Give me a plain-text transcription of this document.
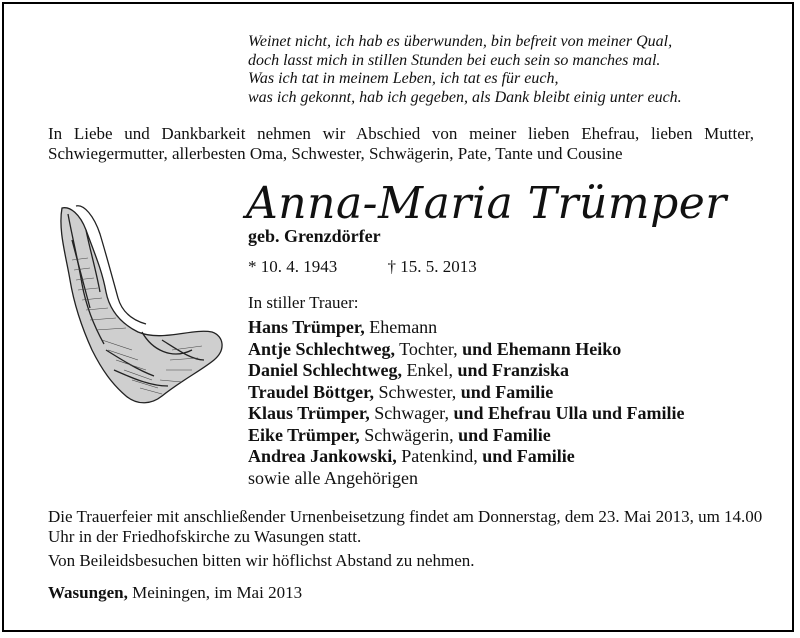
Weinet nicht, ich hab es überwunden, bin befreit von meiner Qual,
doch lasst mich in stillen Stunden bei euch sein so manches mal.
Was ich tat in meinem Leben, ich tat es für euch,
was ich gekonnt, hab ich gegeben, als Dank bleibt einig unter euch.
In Liebe und Dankbarkeit nehmen wir Abschied von meiner lieben Ehefrau, lieben Mutter, Schwiegermutter, allerbesten Oma, Schwester, Schwägerin, Pate, Tante und Cousine
Anna-Maria Trümper
geb. Grenzdörfer
* 10. 4. 1943	† 15. 5. 2013
In stiller Trauer:
Hans Trümper, Ehemann
Antje Schlechtweg, Tochter, und Ehemann Heiko
Daniel Schlechtweg, Enkel, und Franziska
Traudel Böttger, Schwester, und Familie
Klaus Trümper, Schwager, und Ehefrau Ulla und Familie
Eike Trümper, Schwägerin, und Familie
Andrea Jankowski, Patenkind, und Familie
sowie alle Angehörigen
Die Trauerfeier mit anschließender Urnenbeisetzung findet am Donnerstag, dem 23. Mai 2013, um 14.00 Uhr in der Friedhofskirche zu Wasungen statt.
Von Beileidsbesuchen bitten wir höflichst Abstand zu nehmen.
Wasungen, Meiningen, im Mai 2013
